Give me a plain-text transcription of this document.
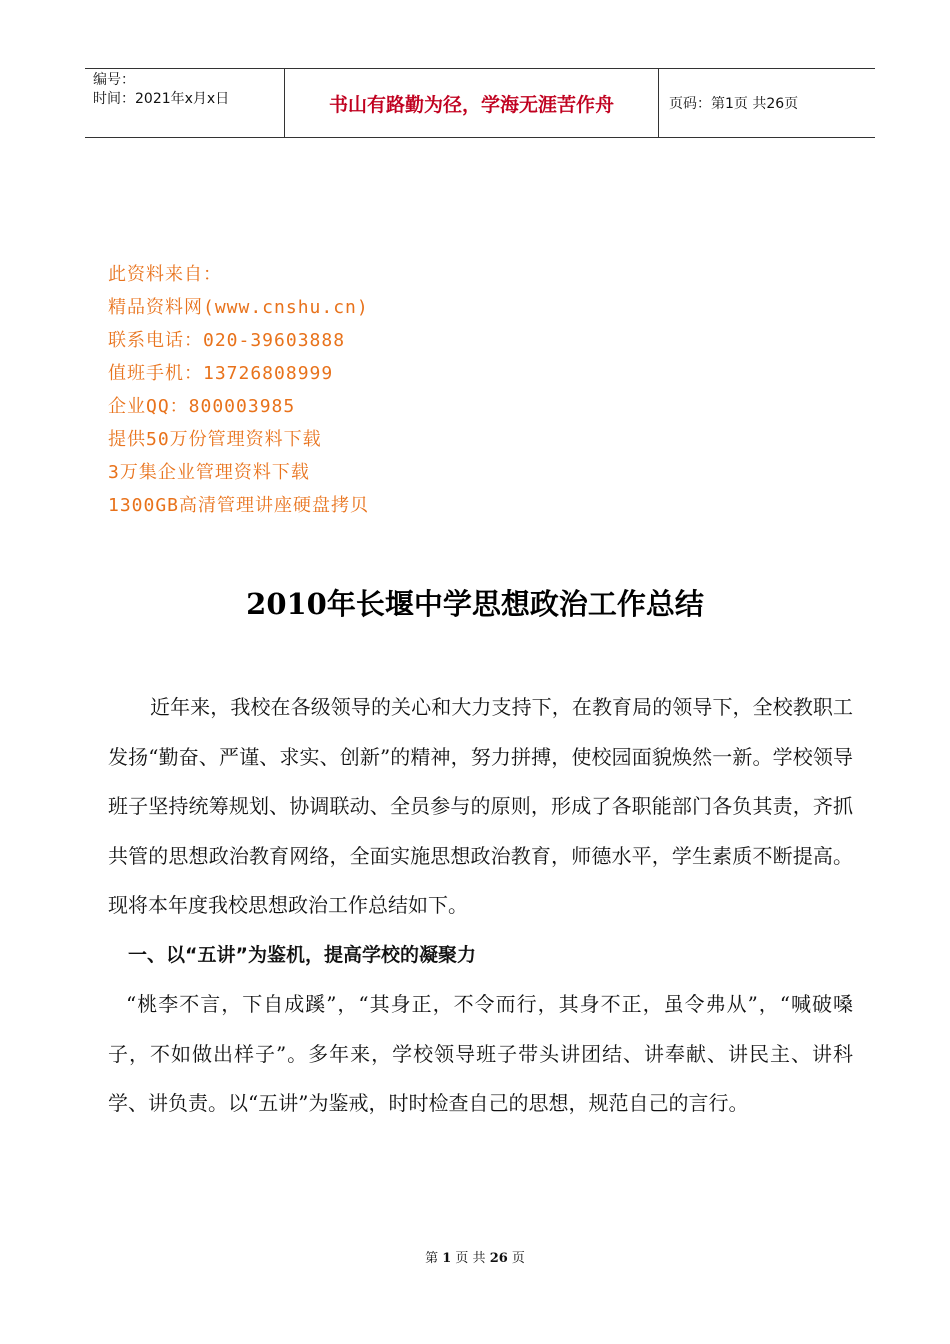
编号：
时间：2021年x月x日	书山有路勤为径，学海无涯苦作舟	页码：第1页 共26页
此资料来自：
精品资料网(www.cnshu.cn)
联系电话：020-39603888
值班手机：13726808999
企业QQ：800003985
提供50万份管理资料下载
3万集企业管理资料下载
1300GB高清管理讲座硬盘拷贝
2010年长堰中学思想政治工作总结

近年来，我校在各级领导的关心和大力支持下，在教育局的领导下，全校教职工发扬“勤奋、严谨、求实、创新”的精神，努力拼搏，使校园面貌焕然一新。学校领导班子坚持统筹规划、协调联动、全员参与的原则，形成了各职能部门各负其责，齐抓共管的思想政治教育网络，全面实施思想政治教育，师德水平，学生素质不断提高。现将本年度我校思想政治工作总结如下。

一、以“五讲”为鉴机，提高学校的凝聚力

“桃李不言，下自成蹊”，“其身正，不令而行，其身不正，虽令弗从”，“喊破嗓子，不如做出样子”。多年来，学校领导班子带头讲团结、讲奉献、讲民主、讲科学、讲负责。以“五讲”为鉴戒，时时检查自己的思想，规范自己的言行。

第 1 页 共 26 页
